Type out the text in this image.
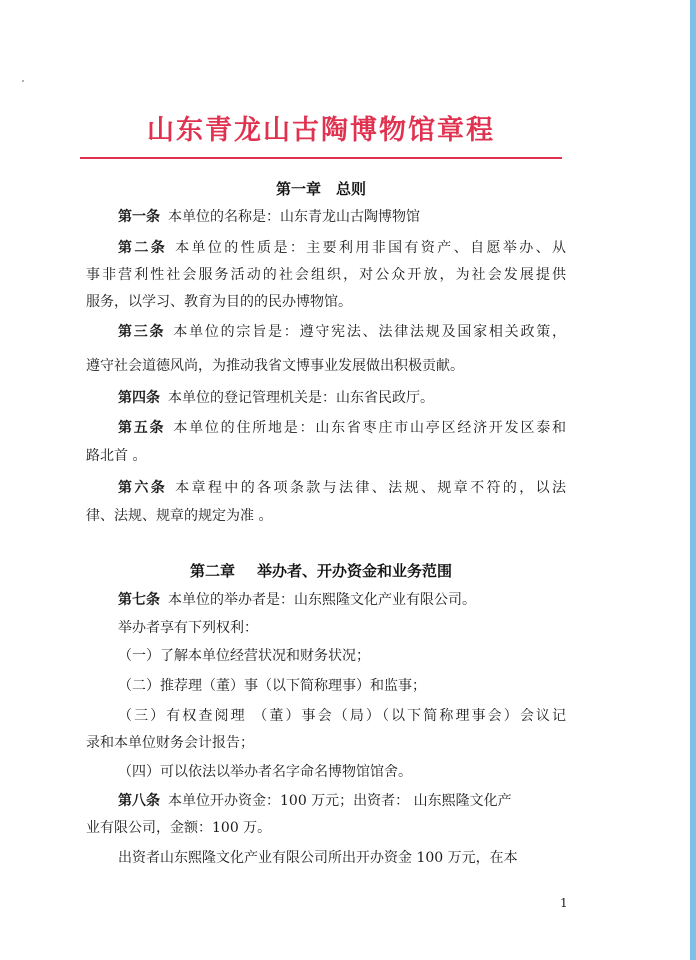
山东青龙山古陶博物馆章程
第一章　总则
第一条 本单位的名称是：山东青龙山古陶博物馆
第二条 本单位的性质是：主要利用非国有资产、自愿举办、从
事非营利性社会服务活动的社会组织，对公众开放，为社会发展提供
服务，以学习、教育为目的的民办博物馆。
第三条 本单位的宗旨是：遵守宪法、法律法规及国家相关政策，
遵守社会道德风尚，为推动我省文博事业发展做出积极贡献。
第四条 本单位的登记管理机关是：山东省民政厅。
第五条 本单位的住所地是：山东省枣庄市山亭区经济开发区泰和
路北首 。
第六条 本章程中的各项条款与法律、法规、规章不符的，以法
律、法规、规章的规定为准 。
第二章 举办者、开办资金和业务范围
第七条 本单位的举办者是：山东熙隆文化产业有限公司。
举办者享有下列权利：
（一）了解本单位经营状况和财务状况；
（二）推荐理（董）事（以下简称理事）和监事；
（三）有权查阅理 （董）事会（局）（以下简称理事会）会议记
录和本单位财务会计报告；
（四）可以依法以举办者名字命名博物馆馆舍。
第八条 本单位开办资金：100 万元；出资者： 山东熙隆文化产
业有限公司，金额：100 万。
出资者山东熙隆文化产业有限公司所出开办资金 100 万元，在本
1
